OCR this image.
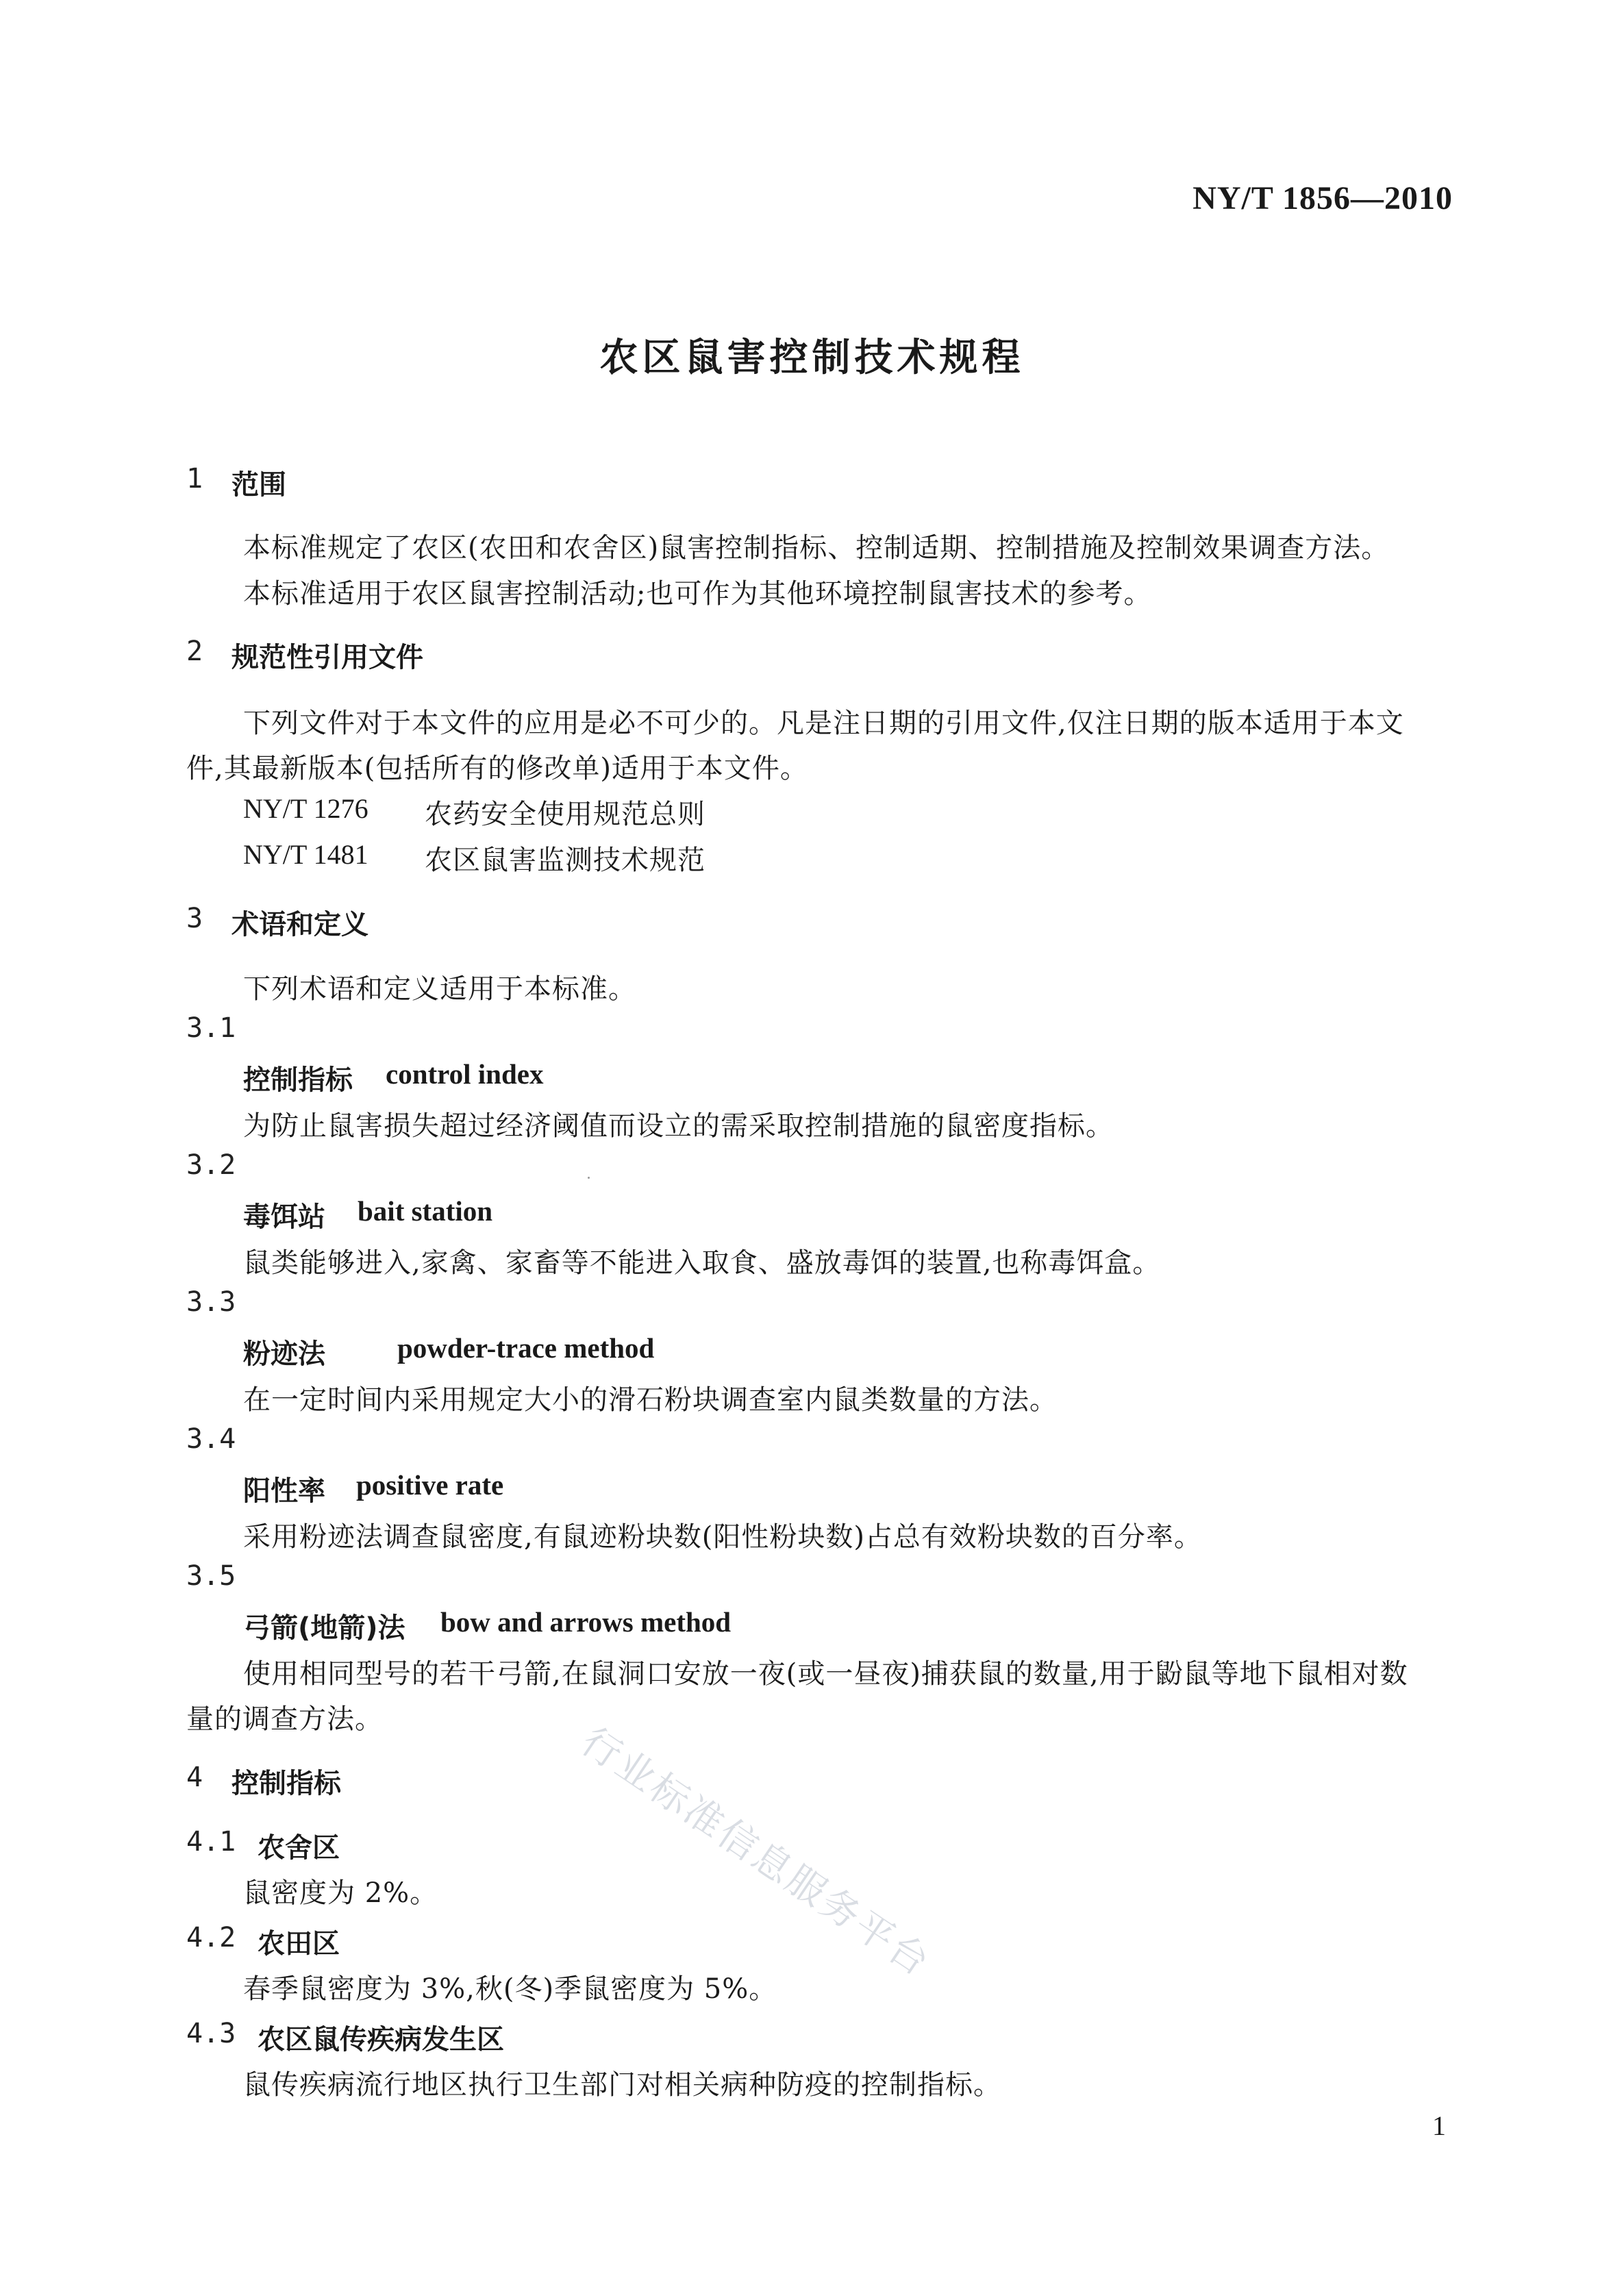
NY/T 1856—2010
农区鼠害控制技术规程
1 范围
本标准规定了农区(农田和农舍区)鼠害控制指标、控制适期、控制措施及控制效果调查方法。
本标准适用于农区鼠害控制活动;也可作为其他环境控制鼠害技术的参考。
2 规范性引用文件
下列文件对于本文件的应用是必不可少的。凡是注日期的引用文件,仅注日期的版本适用于本文
件,其最新版本(包括所有的修改单)适用于本文件。
NY/T 1276 农药安全使用规范总则
NY/T 1481 农区鼠害监测技术规范
3 术语和定义
下列术语和定义适用于本标准。
3.1
控制指标 control index
为防止鼠害损失超过经济阈值而设立的需采取控制措施的鼠密度指标。
3.2
毒饵站 bait station
鼠类能够进入,家禽、家畜等不能进入取食、盛放毒饵的装置,也称毒饵盒。
3.3
粉迹法	powder-trace method
在一定时间内采用规定大小的滑石粉块调查室内鼠类数量的方法。
3.4
阳性率 positive rate
采用粉迹法调查鼠密度,有鼠迹粉块数(阳性粉块数)占总有效粉块数的百分率。
3.5
弓箭(地箭)法 bow and arrows method
使用相同型号的若干弓箭,在鼠洞口安放一夜(或一昼夜)捕获鼠的数量,用于鼢鼠等地下鼠相对数
量的调查方法。
4 控制指标
4.1 农舍区
鼠密度为 2%。
4.2 农田区
春季鼠密度为 3%,秋(冬)季鼠密度为 5%。
4.3 农区鼠传疾病发生区
鼠传疾病流行地区执行卫生部门对相关病种防疫的控制指标。
行业标准信息服务平台
1
